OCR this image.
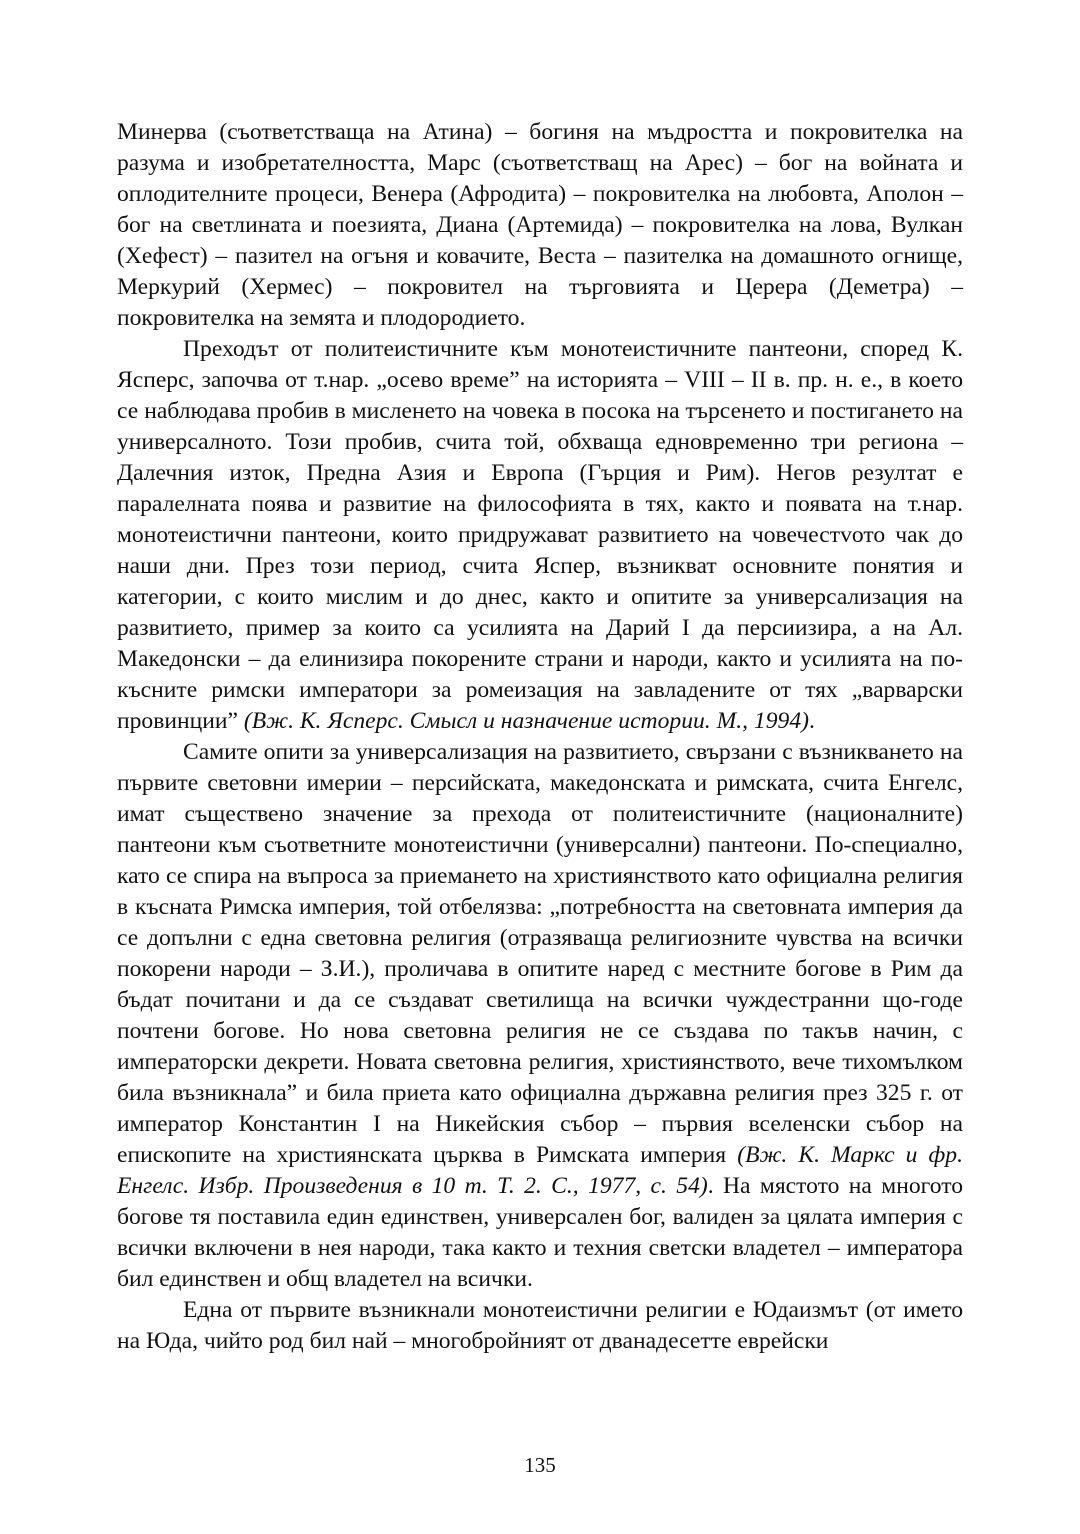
Минерва (съответстваща на Атина) – богиня на мъдростта и покровителка на разума и изобретателността, Марс (съответстващ на Арес) – бог на войната и оплодителните процеси, Венера (Афродита) – покровителка на любовта, Аполон – бог на светлината и поезията, Диана (Артемида) – покровителка на лова, Вулкан (Хефест) – пазител на огъня и ковачите, Веста – пазителка на домашното огнище, Меркурий (Хермес) – покровител на търговията и Церера (Деметра) – покровителка на земята и плодородието.

Преходът от политеистичните към монотеистичните пантеони, според К. Ясперс, започва от т.нар. „осево време” на историята – VIII – II в. пр. н. е., в което се наблюдава пробив в мисленето на човека в посока на търсенето и постигането на универсалното. Този пробив, счита той, обхваща едновременно три региона – Далечния изток, Предна Азия и Европа (Гърция и Рим). Негов резултат е паралелната поява и развитие на философията в тях, както и появата на т.нар. монотеистични пантеони, които придружават развитието на човечестvото чак до наши дни. През този период, счита Яспер, възникват основните понятия и категории, с които мислим и до днес, както и опитите за универсализация на развитието, пример за които са усилията на Дарий I да персиизира, а на Ал. Македонски – да елинизира покорените страни и народи, както и усилията на по-късните римски императори за ромеизация на завладените от тях „варварски провинции” (Вж. К. Ясперс. Смысл и назначение истории. М., 1994).

Самите опити за универсализация на развитието, свързани с възникването на първите световни имерии – персийската, македонската и римската, счита Енгелс, имат съществено значение за прехода от политеистичните (националните) пантеони към съответните монотеистични (универсални) пантеони. По-специално, като се спира на въпроса за приемането на християнството като официална религия в късната Римска империя, той отбелязва: „потребността на световната империя да се допълни с една световна религия (отразяваща религиозните чувства на всички покорени народи – З.И.), проличава в опитите наред с местните богове в Рим да бъдат почитани и да се създават светилища на всички чуждестранни що-годе почтени богове. Но нова световна религия не се създава по такъв начин, с императорски декрети. Новата световна религия, християнството, вече тихомълком била възникнала” и била приета като официална държавна религия през 325 г. от император Константин I на Никейския събор – първия вселенски събор на епископите на християнската църква в Римската империя (Вж. К. Маркс и фр. Енгелс. Избр. Произведения в 10 т. Т. 2. С., 1977, с. 54). На мястото на многото богове тя поставила един единствен, универсален бог, валиден за цялата империя с всички включени в нея народи, така както и техния светски владетел – императора бил единствен и общ владетел на всички.

Една от първите възникнали монотеистични религии е Юдаизмът (от името на Юда, чийто род бил най – многобройният от дванадесетте еврейски

135
